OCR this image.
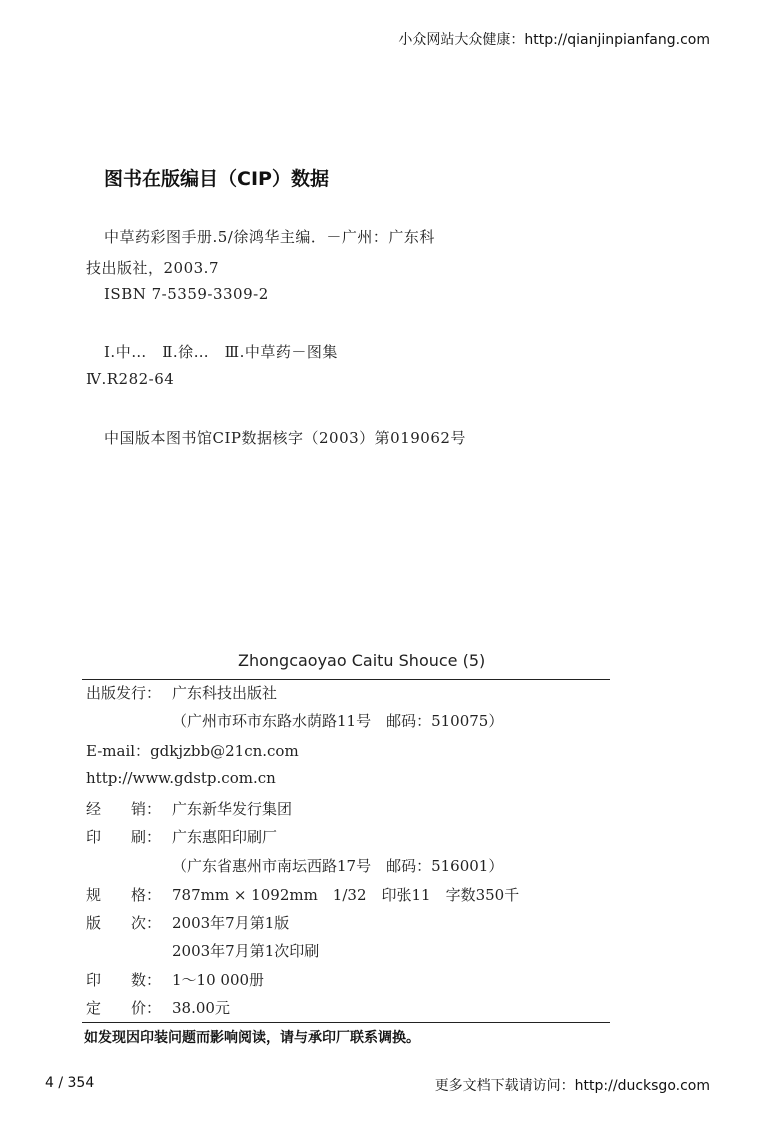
小众网站大众健康：http://qianjinpianfang.com
图书在版编目（CIP）数据
中草药彩图手册.5/徐鸿华主编．－广州：广东科
技出版社，2003.7
ISBN 7-5359-3309-2
Ⅰ.中…　Ⅱ.徐…　Ⅲ.中草药－图集
Ⅳ.R282-64
中国版本图书馆CIP数据核字（2003）第019062号
Zhongcaoyao Caitu Shouce (5)
出版发行： 广东科技出版社
（广州市环市东路水荫路11号　邮码：510075）
E-mail：gdkjzbb@21cn.com
http://www.gdstp.com.cn
经　　销： 广东新华发行集团
印　　刷： 广东惠阳印刷厂
（广东省惠州市南坛西路17号　邮码：516001）
规　　格： 787mm × 1092mm　1/32　印张11　字数350千
版　　次： 2003年7月第1版
2003年7月第1次印刷
印　　数： 1～10 000册
定　　价： 38.00元
如发现因印装问题而影响阅读，请与承印厂联系调换。
4 / 354	更多文档下载请访问：http://ducksgo.com
